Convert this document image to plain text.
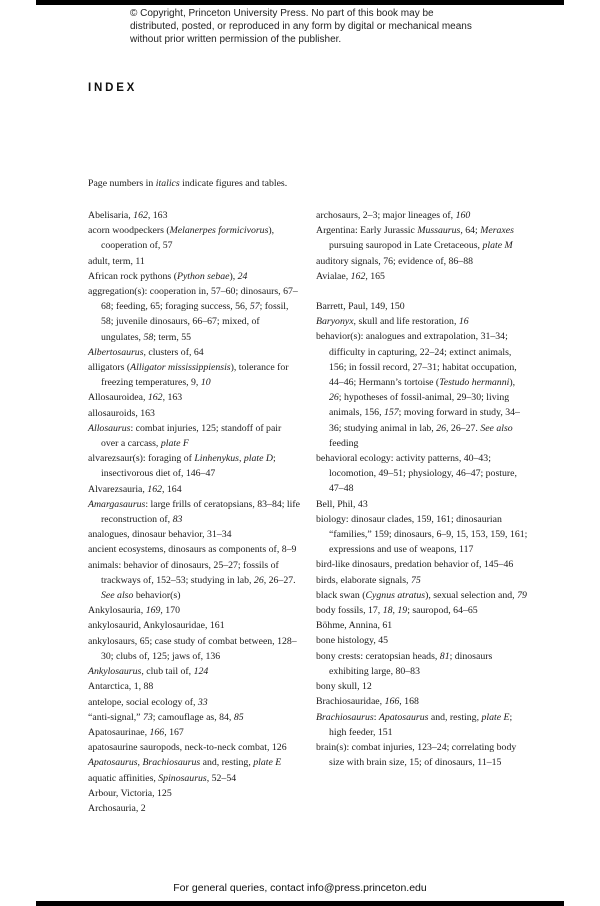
© Copyright, Princeton University Press. No part of this book may be distributed, posted, or reproduced in any form by digital or mechanical means without prior written permission of the publisher.
INDEX

Page numbers in italics indicate figures and tables.

Abelisaria, 162, 163
acorn woodpeckers (Melanerpes formicivorus), cooperation of, 57
adult, term, 11
African rock pythons (Python sebae), 24
aggregation(s): cooperation in, 57–60; dinosaurs, 67–68; feeding, 65; foraging success, 56, 57; fossil, 58; juvenile dinosaurs, 66–67; mixed, of ungulates, 58; term, 55
Albertosaurus, clusters of, 64
alligators (Alligator mississippiensis), tolerance for freezing temperatures, 9, 10
Allosauroidea, 162, 163
allosauroids, 163
Allosaurus: combat injuries, 125; standoff of pair over a carcass, plate F
alvarezsaur(s): foraging of Linhenykus, plate D; insectivorous diet of, 146–47
Alvarezsauria, 162, 164
Amargasaurus: large frills of ceratopsians, 83–84; life reconstruction of, 83
analogues, dinosaur behavior, 31–34
ancient ecosystems, dinosaurs as components of, 8–9
animals: behavior of dinosaurs, 25–27; fossils of trackways of, 152–53; studying in lab, 26, 26–27. See also behavior(s)
Ankylosauria, 169, 170
ankylosaurid, Ankylosauridae, 161
ankylosaurs, 65; case study of combat between, 128–30; clubs of, 125; jaws of, 136
Ankylosaurus, club tail of, 124
Antarctica, 1, 88
antelope, social ecology of, 33
“anti-signal,” 73; camouflage as, 84, 85
Apatosaurinae, 166, 167
apatosaurine sauropods, neck-to-neck combat, 126
Apatosaurus, Brachiosaurus and, resting, plate E
aquatic affinities, Spinosaurus, 52–54
Arbour, Victoria, 125
Archosauria, 2
archosaurs, 2–3; major lineages of, 160
Argentina: Early Jurassic Mussaurus, 64; Meraxes pursuing sauropod in Late Cretaceous, plate M
auditory signals, 76; evidence of, 86–88
Avialae, 162, 165
Barrett, Paul, 149, 150
Baryonyx, skull and life restoration, 16
behavior(s): analogues and extrapolation, 31–34; difficulty in capturing, 22–24; extinct animals, 156; in fossil record, 27–31; habitat occupation, 44–46; Hermann’s tortoise (Testudo hermanni), 26; hypotheses of fossil-animal, 29–30; living animals, 156, 157; moving forward in study, 34–36; studying animal in lab, 26, 26–27. See also feeding
behavioral ecology: activity patterns, 40–43; locomotion, 49–51; physiology, 46–47; posture, 47–48
Bell, Phil, 43
biology: dinosaur clades, 159, 161; dinosaurian “families,” 159; dinosaurs, 6–9, 15, 153, 159, 161; expressions and use of weapons, 117
bird-like dinosaurs, predation behavior of, 145–46
birds, elaborate signals, 75
black swan (Cygnus atratus), sexual selection and, 79
body fossils, 17, 18, 19; sauropod, 64–65
Böhme, Annina, 61
bone histology, 45
bony crests: ceratopsian heads, 81; dinosaurs exhibiting large, 80–83
bony skull, 12
Brachiosauridae, 166, 168
Brachiosaurus: Apatosaurus and, resting, plate E; high feeder, 151
brain(s): combat injuries, 123–24; correlating body size with brain size, 15; of dinosaurs, 11–15
For general queries, contact info@press.princeton.edu
